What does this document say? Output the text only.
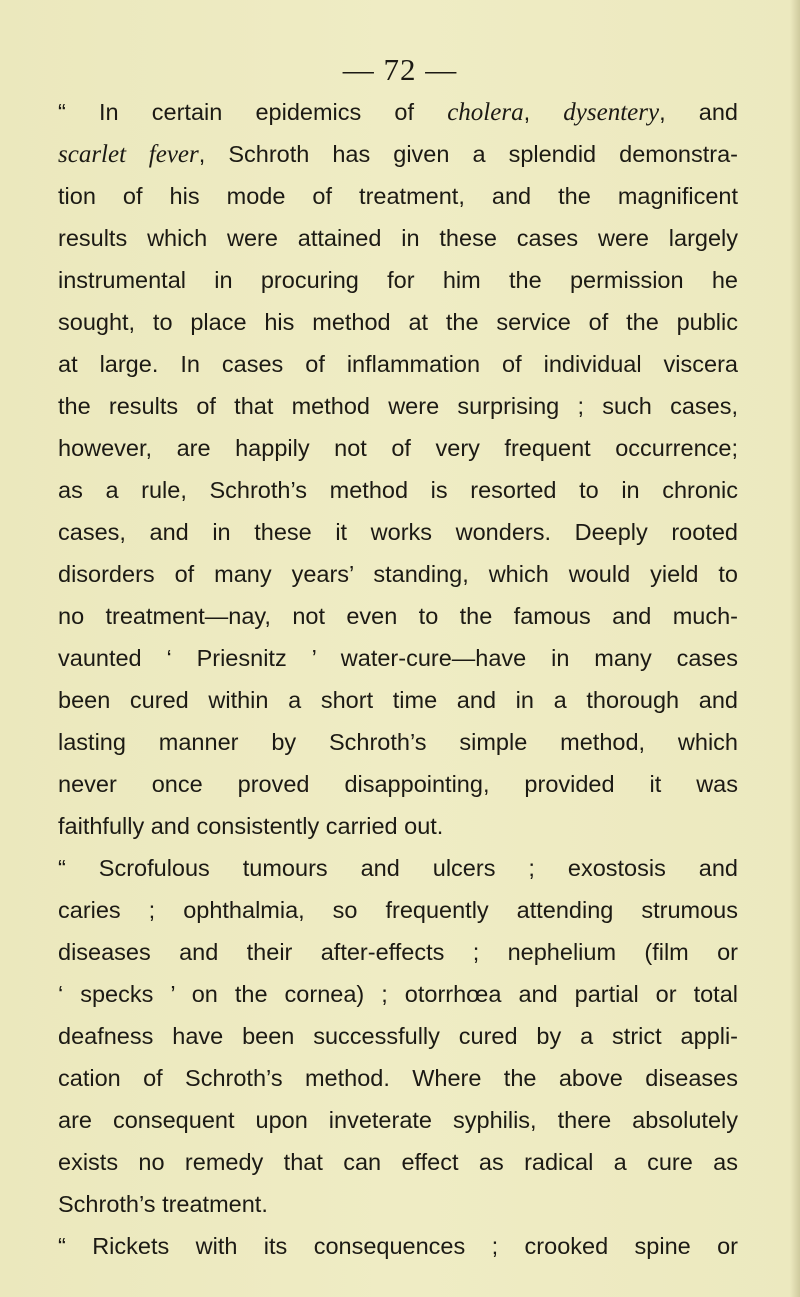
— 72 —
“ In certain epidemics of cholera, dysentery, and
scarlet fever, Schroth has given a splendid demonstra-
tion of his mode of treatment, and the magnificent
results which were attained in these cases were largely
instrumental in procuring for him the permission he
sought, to place his method at the service of the public
at large. In cases of inflammation of individual viscera
the results of that method were surprising ; such cases,
however, are happily not of very frequent occurrence;
as a rule, Schroth’s method is resorted to in chronic
cases, and in these it works wonders. Deeply rooted
disorders of many years’ standing, which would yield to
no treatment—nay, not even to the famous and much-
vaunted ‘ Priesnitz ’ water-cure—have in many cases
been cured within a short time and in a thorough and
lasting manner by Schroth’s simple method, which
never once proved disappointing, provided it was
faithfully and consistently carried out.
“ Scrofulous tumours and ulcers ; exostosis and
caries ; ophthalmia, so frequently attending strumous
diseases and their after-effects ; nephelium (film or
‘ specks ’ on the cornea) ; otorrhœa and partial or total
deafness have been successfully cured by a strict appli-
cation of Schroth’s method. Where the above diseases
are consequent upon inveterate syphilis, there absolutely
exists no remedy that can effect as radical a cure as
Schroth’s treatment.
“ Rickets with its consequences ; crooked spine or
